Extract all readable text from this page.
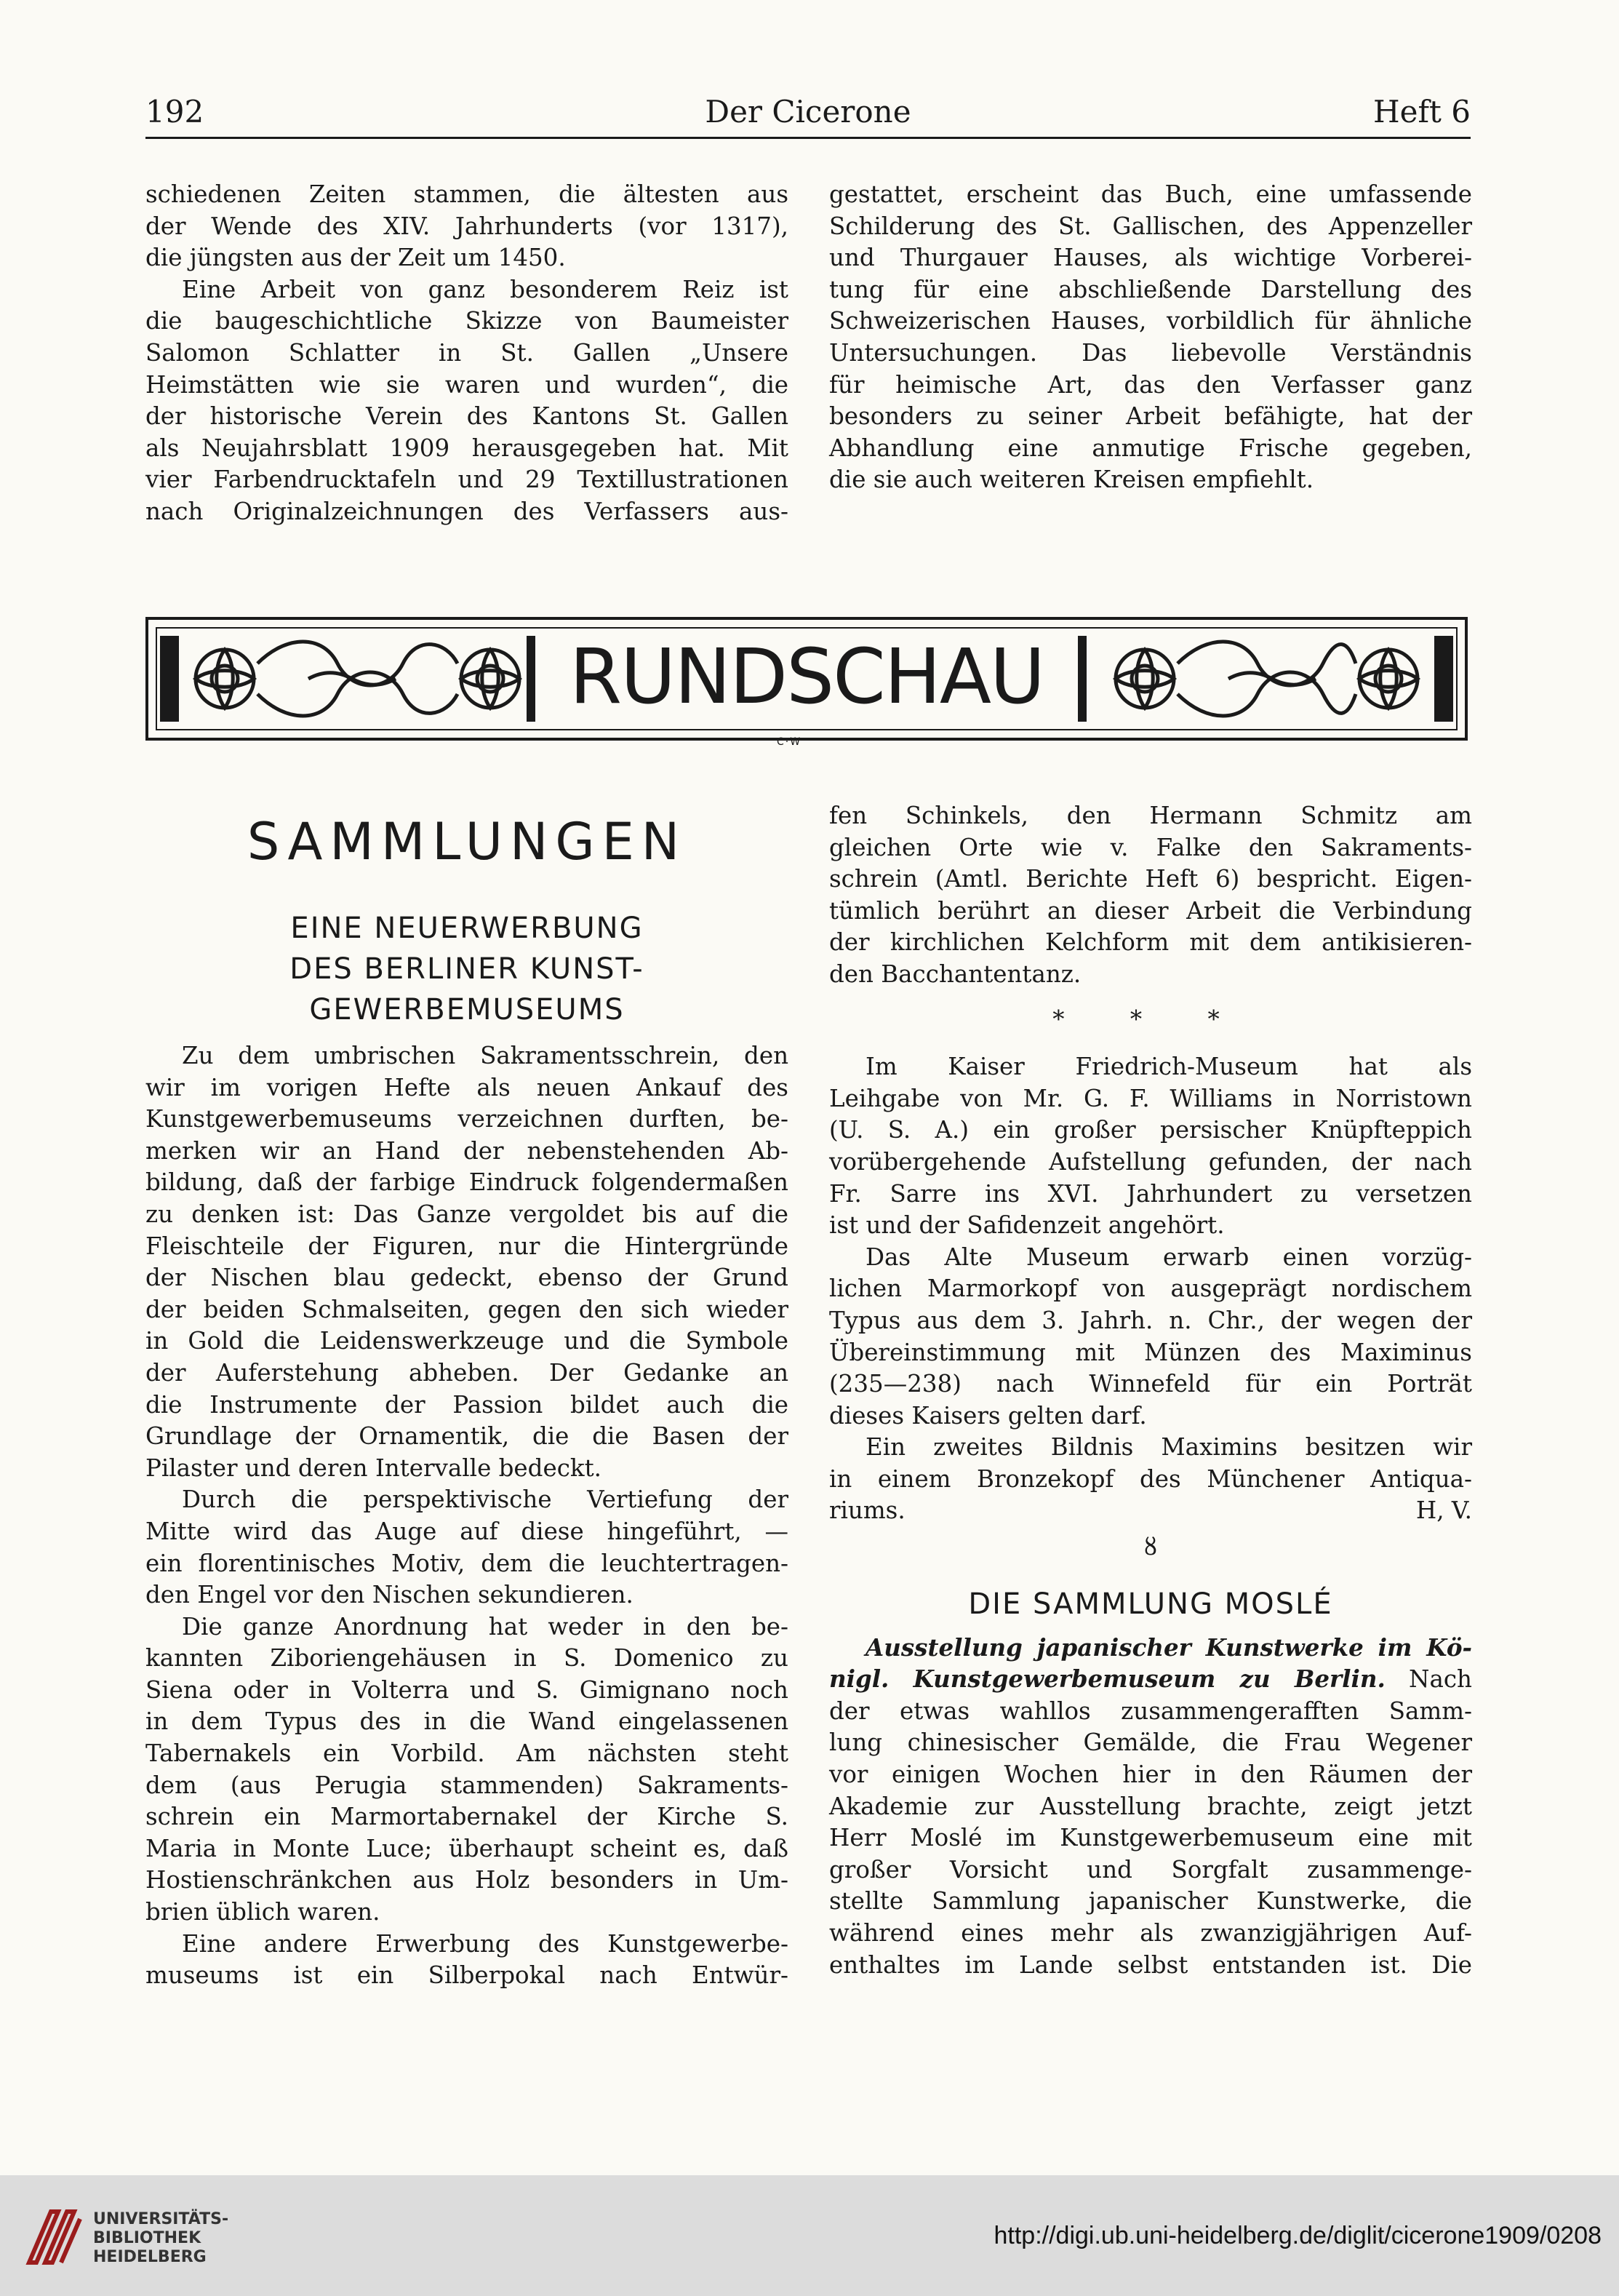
192	Der Cicerone	Heft 6

schiedenen Zeiten stammen, die ältesten aus

der Wende des XIV. Jahrhunderts (vor 1317),

die jüngsten aus der Zeit um 1450.

Eine Arbeit von ganz besonderem Reiz ist

die baugeschichtliche Skizze von Baumeister

Salomon Schlatter in St. Gallen „Unsere

Heimstätten wie sie waren und wurden“, die

der historische Verein des Kantons St. Gallen

als Neujahrsblatt 1909 herausgegeben hat. Mit

vier Farbendrucktafeln und 29 Textillustrationen

nach Originalzeichnungen des Verfassers aus-

gestattet, erscheint das Buch, eine umfassende

Schilderung des St. Gallischen, des Appenzeller

und Thurgauer Hauses, als wichtige Vorberei-

tung für eine abschließende Darstellung des

Schweizerischen Hauses, vorbildlich für ähnliche

Untersuchungen. Das liebevolle Verständnis

für heimische Art, das den Verfasser ganz

besonders zu seiner Arbeit befähigte, hat der

Abhandlung eine anmutige Frische gegeben,

die sie auch weiteren Kreisen empfiehlt.

RUNDSCHAU
C·W
SAMMLUNGEN
EINE NEUERWERBUNG
DES BERLINER KUNST-
GEWERBEMUSEUMS

Zu dem umbrischen Sakramentsschrein, den

wir im vorigen Hefte als neuen Ankauf des

Kunstgewerbemuseums verzeichnen durften, be-

merken wir an Hand der nebenstehenden Ab-

bildung, daß der farbige Eindruck folgendermaßen

zu denken ist: Das Ganze vergoldet bis auf die

Fleischteile der Figuren, nur die Hintergründe

der Nischen blau gedeckt, ebenso der Grund

der beiden Schmalseiten, gegen den sich wieder

in Gold die Leidenswerkzeuge und die Symbole

der Auferstehung abheben. Der Gedanke an

die Instrumente der Passion bildet auch die

Grundlage der Ornamentik, die die Basen der

Pilaster und deren Intervalle bedeckt.

Durch die perspektivische Vertiefung der

Mitte wird das Auge auf diese hingeführt, —

ein florentinisches Motiv, dem die leuchtertragen-

den Engel vor den Nischen sekundieren.

Die ganze Anordnung hat weder in den be-

kannten Ziboriengehäusen in S. Domenico zu

Siena oder in Volterra und S. Gimignano noch

in dem Typus des in die Wand eingelassenen

Tabernakels ein Vorbild. Am nächsten steht

dem (aus Perugia stammenden) Sakraments-

schrein ein Marmortabernakel der Kirche S.

Maria in Monte Luce; überhaupt scheint es, daß

Hostienschränkchen aus Holz besonders in Um-

brien üblich waren.

Eine andere Erwerbung des Kunstgewerbe-

museums ist ein Silberpokal nach Entwür-

fen Schinkels, den Hermann Schmitz am

gleichen Orte wie v. Falke den Sakraments-

schrein (Amtl. Berichte Heft 6) bespricht. Eigen-

tümlich berührt an dieser Arbeit die Verbindung

der kirchlichen Kelchform mit dem antikisieren-

den Bacchantentanz.

* * *

Im Kaiser Friedrich-Museum hat als

Leihgabe von Mr. G. F. Williams in Norristown

(U. S. A.) ein großer persischer Knüpfteppich

vorübergehende Aufstellung gefunden, der nach

Fr. Sarre ins XVI. Jahrhundert zu versetzen

ist und der Safidenzeit angehört.

Das Alte Museum erwarb einen vorzüg-

lichen Marmorkopf von ausgeprägt nordischem

Typus aus dem 3. Jahrh. n. Chr., der wegen der

Übereinstimmung mit Münzen des Maximinus

(235—238) nach Winnefeld für ein Porträt

dieses Kaisers gelten darf.

Ein zweites Bildnis Maximins besitzen wir

in einem Bronzekopf des Münchener Antiqua-

riums.	H, V.

ȣ

DIE SAMMLUNG MOSLÉ

Ausstellung japanischer Kunstwerke im Kö-

nigl. Kunstgewerbemuseum zu Berlin. Nach

der etwas wahllos zusammengerafften Samm-

lung chinesischer Gemälde, die Frau Wegener

vor einigen Wochen hier in den Räumen der

Akademie zur Ausstellung brachte, zeigt jetzt

Herr Moslé im Kunstgewerbemuseum eine mit

großer Vorsicht und Sorgfalt zusammenge-

stellte Sammlung japanischer Kunstwerke, die

während eines mehr als zwanzigjährigen Auf-

enthaltes im Lande selbst entstanden ist. Die

UNIVERSITÄTS-
BIBLIOTHEK
HEIDELBERG
http://digi.ub.uni-heidelberg.de/diglit/cicerone1909/0208
